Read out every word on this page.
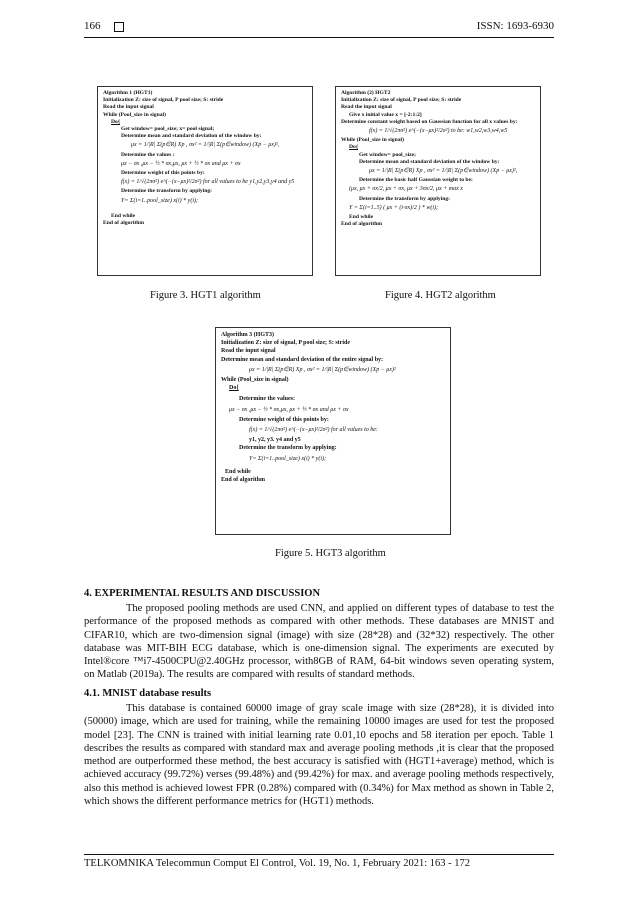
166	ISSN: 1693-6930
Algorithm 1 (HGT1)
Initialization Z: size of signal, P pool size; S: stride
Read the input signal
While (Pool_size in signal)
Do{
Get window= pool_size; x= pool signal;
Determine mean and standard deviation of the window by:
μx = 1/|R| Σ(p∈R) Xp , σx² = 1/|R| Σ(p∈window) (Xp − μx)²,
Determine the values :
μx − σx ,μx − ½ * σx,μx, μx + ½ * σx and μx + σx
Determine weight of this points by:
f(x) = 1/√(2πσ²) e^(−(x−μx)²/2σ²) for all values to be y1,y2,y3,y4 and y5
Determine the transform by applying:
Y= Σ(i=1..pool_size) x(i) * y(i);
End while
End of algorithm
Algorithm (2) HGT2
Initialization Z: size of signal, P pool size; S: stride
Read the input signal
Give x initial value x = [-2:1:2]
Determine constant weight based on Gaussian function for all x values by:
f(x) = 1/√(2πσ²) e^(−(x−μx)²/2σ²) to be: w1,w2,w3,w4,w5
While (Pool_size in signal)
Do{
Get window= pool_size;
Determine mean and standard deviation of the window by:
μx = 1/|R| Σ(p∈R) Xp , σx² = 1/|R| Σ(p∈window) (Xp − μx)²,
Determine the basic half Gaussian weight to be:
(μx, μx + σx/2, μx + σx, μx + 3σx/2, μx + max x
Determine the transform by applying:
Y = Σ(i=1..5) ( μx + (i·σx)/2 ) * w(i);
End while
End of algorithm
Figure 3. HGT1 algorithm	Figure 4. HGT2 algorithm
Algorithm 3 (HGT3)
Initialization Z: size of signal, P pool size; S: stride
Read the input signal
Determine mean and standard deviation of the entire signal by:
μx = 1/|R| Σ(p∈R) Xp , σx² = 1/|R| Σ(p∈window) (Xp − μx)²
While (Pool_size in signal)
Do{
Determine the values:
μx − σx ,μx − ½ * σx,μx, μx + ½ * σx and μx + σx
Determine weight of this points by:
f(x) = 1/√(2πσ²) e^(−(x−μx)²/2σ²) for all values to be:
y1, y2, y3. y4 and y5
Determine the transform by applying:
Y= Σ(i=1..pool_size) x(i) * y(i);
End while
End of algorithm
Figure 5. HGT3 algorithm
4. EXPERIMENTAL RESULTS AND DISCUSSION
The proposed pooling methods are used CNN, and applied on different types of database to test the performance of the proposed methods as compared with other methods. These databases are MNIST and CIFAR10, which are two-dimension signal (image) with size (28*28) and (32*32) respectively. The other database was MIT-BIH ECG database, which is one-dimension signal. The experiments are executed by Intel®core ™i7-4500CPU@2.40GHz processor, with8GB of RAM, 64-bit windows seven operating system, on Matlab (2019a). The results are compared with results of standard methods.
4.1. MNIST database results
This database is contained 60000 image of gray scale image with size (28*28), it is divided into (50000) image, which are used for training, while the remaining 10000 images are used for test the proposed model [23]. The CNN is trained with initial learning rate 0.01,10 epochs and 58 iteration per epoch. Table 1 describes the results as compared with standard max and average pooling methods ,it is clear that the proposed method are outperformed these method, the best accuracy is satisfied with (HGT1+average) method, which is achieved accuracy (99.72%) verses (99.48%) and (99.42%) for max. and average pooling methods respectively, also this method is achieved lowest FPR (0.28%) compared with (0.34%) for Max method as shown in Table 2, which shows the different performance metrics for (HGT1) methods.
TELKOMNIKA Telecommun Comput El Control, Vol. 19, No. 1, February 2021: 163 - 172
